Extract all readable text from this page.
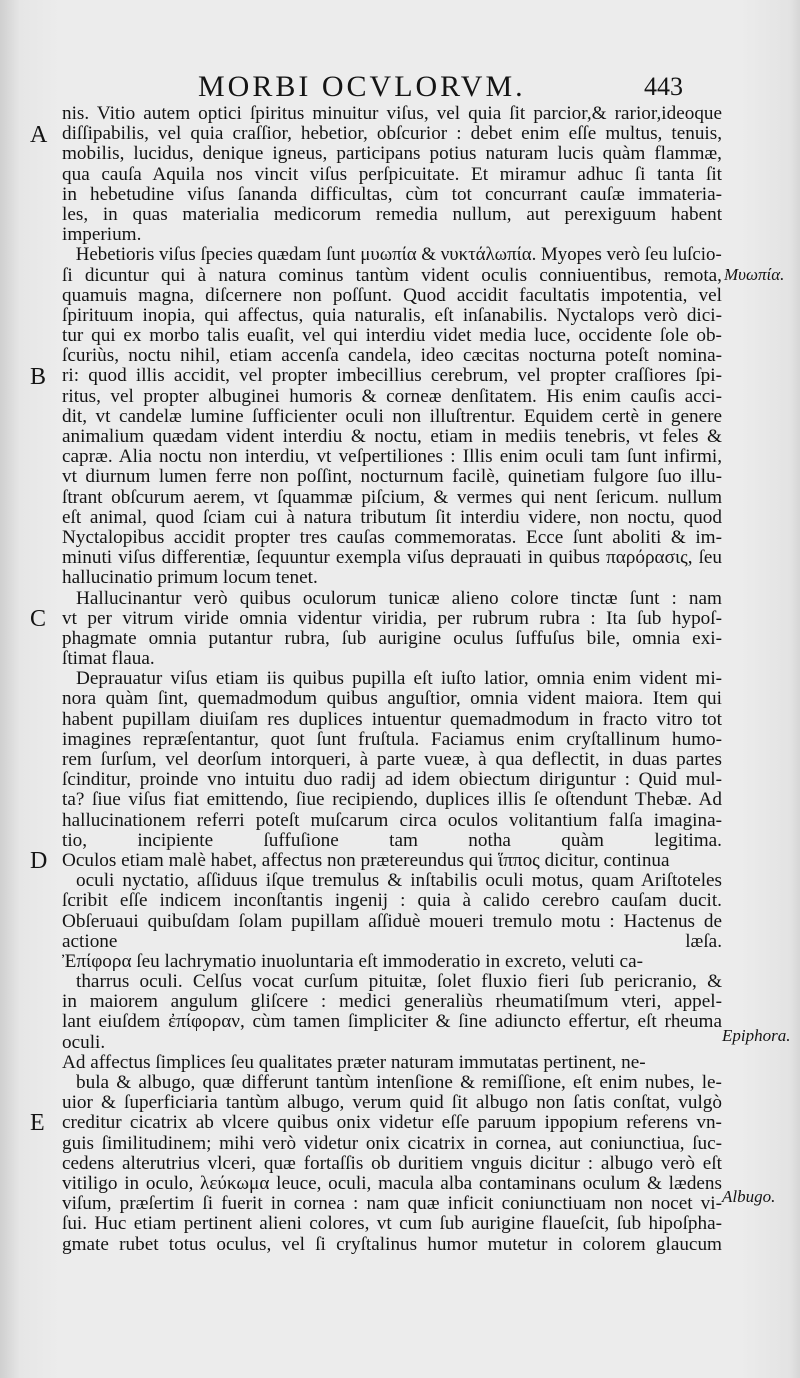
MORBI OCVLORVM.	443
nis. Vitio autem optici ſpiritus minuitur viſus, vel quia ſit parcior,& rarior,ideoque
diſſipabilis, vel quia craſſior, hebetior, obſcurior : debet enim eſſe multus, tenuis,
mobilis, lucidus, denique igneus, participans potius naturam lucis quàm flammæ,
qua cauſa Aquila nos vincit viſus perſpicuitate. Et miramur adhuc ſi tanta ſit
in hebetudine viſus ſananda difficultas, cùm tot concurrant cauſæ immateria-
les, in quas materialia medicorum remedia nullum, aut perexiguum habent
imperium.
Hebetioris viſus ſpecies quædam ſunt μυωπία & νυκτάλωπία. Myopes verò ſeu luſcio-
ſi dicuntur qui à natura cominus tantùm vident oculis conniuentibus, remota,
quamuis magna, diſcernere non poſſunt. Quod accidit facultatis impotentia, vel
ſpirituum inopia, qui affectus, quia naturalis, eſt inſanabilis. Nyctalops verò dici-
tur qui ex morbo talis euaſit, vel qui interdiu videt media luce, occidente ſole ob-
ſcuriùs, noctu nihil, etiam accenſa candela, ideo cæcitas nocturna poteſt nomina-
ri: quod illis accidit, vel propter imbecillius cerebrum, vel propter craſſiores ſpi-
ritus, vel propter albuginei humoris & corneæ denſitatem. His enim cauſis acci-
dit, vt candelæ lumine ſufficienter oculi non illuſtrentur. Equidem certè in genere
animalium quædam vident interdiu & noctu, etiam in mediis tenebris, vt feles &
capræ. Alia noctu non interdiu, vt veſpertiliones : Illis enim oculi tam ſunt infirmi,
vt diurnum lumen ferre non poſſint, nocturnum facilè, quinetiam fulgore ſuo illu-
ſtrant obſcurum aerem, vt ſquammæ piſcium, & vermes qui nent ſericum. nullum
eſt animal, quod ſciam cui à natura tributum ſit interdiu videre, non noctu, quod
Nyctalopibus accidit propter tres cauſas commemoratas. Ecce ſunt aboliti & im-
minuti viſus differentiæ, ſequuntur exempla viſus deprauati in quibus παρόρασις, ſeu
hallucinatio primum locum tenet.
Hallucinantur verò quibus oculorum tunicæ alieno colore tinctæ ſunt : nam
vt per vitrum viride omnia videntur viridia, per rubrum rubra : Ita ſub hypoſ-
phagmate omnia putantur rubra, ſub aurigine oculus ſuffuſus bile, omnia exi-
ſtimat flaua.
Deprauatur viſus etiam iis quibus pupilla eſt iuſto latior, omnia enim vident mi-
nora quàm ſint, quemadmodum quibus anguſtior, omnia vident maiora. Item qui
habent pupillam diuiſam res duplices intuentur quemadmodum in fracto vitro tot
imagines repræſentantur, quot ſunt fruſtula. Faciamus enim cryſtallinum humo-
rem ſurſum, vel deorſum intorqueri, à parte vueæ, à qua deflectit, in duas partes
ſcinditur, proinde vno intuitu duo radij ad idem obiectum diriguntur : Quid mul-
ta? ſiue viſus fiat emittendo, ſiue recipiendo, duplices illis ſe oſtendunt Thebæ. Ad
hallucinationem referri poteſt muſcarum circa oculos volitantium falſa imagina-
tio, incipiente ſuffuſione tam notha quàm legitima.
Oculos etiam malè habet, affectus non prætereundus qui ἵππος dicitur, continua
oculi nyctatio, aſſiduus iſque tremulus & inſtabilis oculi motus, quam Ariſtoteles
ſcribit eſſe indicem inconſtantis ingenij : quia à calido cerebro cauſam ducit.
Obſeruaui quibuſdam ſolam pupillam aſſiduè moueri tremulo motu : Hactenus de
actione læſa.
Ἐπίφορα ſeu lachrymatio inuoluntaria eſt immoderatio in excreto, veluti ca-
tharrus oculi. Celſus vocat curſum pituitæ, ſolet fluxio fieri ſub pericranio, &
in maiorem angulum gliſcere : medici generaliùs rheumatiſmum vteri, appel-
lant eiuſdem ἐπίφοραν, cùm tamen ſimpliciter & ſine adiuncto effertur, eſt rheuma
oculi.
Ad affectus ſimplices ſeu qualitates præter naturam immutatas pertinent, ne-
bula & albugo, quæ differunt tantùm intenſione & remiſſione, eſt enim nubes, le-
uior & ſuperficiaria tantùm albugo, verum quid ſit albugo non ſatis conſtat, vulgò
creditur cicatrix ab vlcere quibus onix videtur eſſe paruum ippopium referens vn-
guis ſimilitudinem; mihi verò videtur onix cicatrix in cornea, aut coniunctiua, ſuc-
cedens alterutrius vlceri, quæ fortaſſis ob duritiem vnguis dicitur : albugo verò eſt
vitiligo in oculo, λεύκωμα leuce, oculi, macula alba contaminans oculum & lædens
viſum, præſertim ſi fuerit in cornea : nam quæ inficit coniunctiuam non nocet vi-
ſui. Huc etiam pertinent alieni colores, vt cum ſub aurigine flaueſcit, ſub hipoſpha-
gmate rubet totus oculus, vel ſi cryſtalinus humor mutetur in colorem glaucum
A
B
C
D
E
Μυωπία.
Epiphora.
Albugo.
